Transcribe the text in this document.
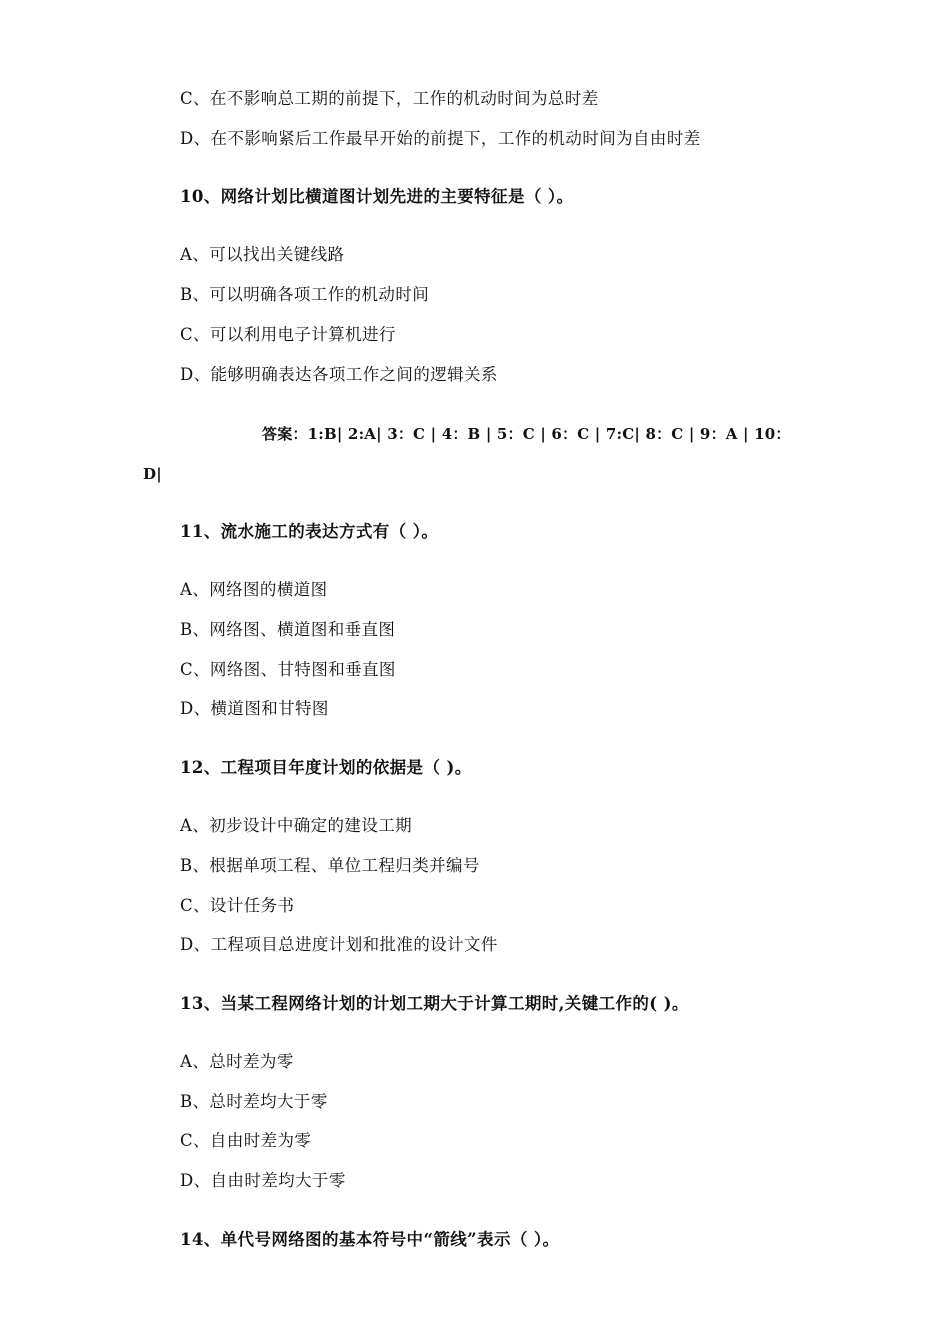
C、在不影响总工期的前提下，工作的机动时间为总时差
D、在不影响紧后工作最早开始的前提下，工作的机动时间为自由时差
10、网络计划比横道图计划先进的主要特征是（ ）。
A、可以找出关键线路
B、可以明确各项工作的机动时间
C、可以利用电子计算机进行
D、能够明确表达各项工作之间的逻辑关系
答案：1:B| 2:A| 3：C | 4：B | 5：C | 6：C | 7:C| 8：C | 9：A | 10：
D|
11、流水施工的表达方式有（ ）。
A、网络图的横道图
B、网络图、横道图和垂直图
C、网络图、甘特图和垂直图
D、横道图和甘特图
12、工程项目年度计划的依据是（ )。
A、初步设计中确定的建设工期
B、根据单项工程、单位工程归类并编号
C、设计任务书
D、工程项目总进度计划和批准的设计文件
13、当某工程网络计划的计划工期大于计算工期时,关键工作的( )。
A、总时差为零
B、总时差均大于零
C、自由时差为零
D、自由时差均大于零
14、单代号网络图的基本符号中“箭线”表示（ ）。
